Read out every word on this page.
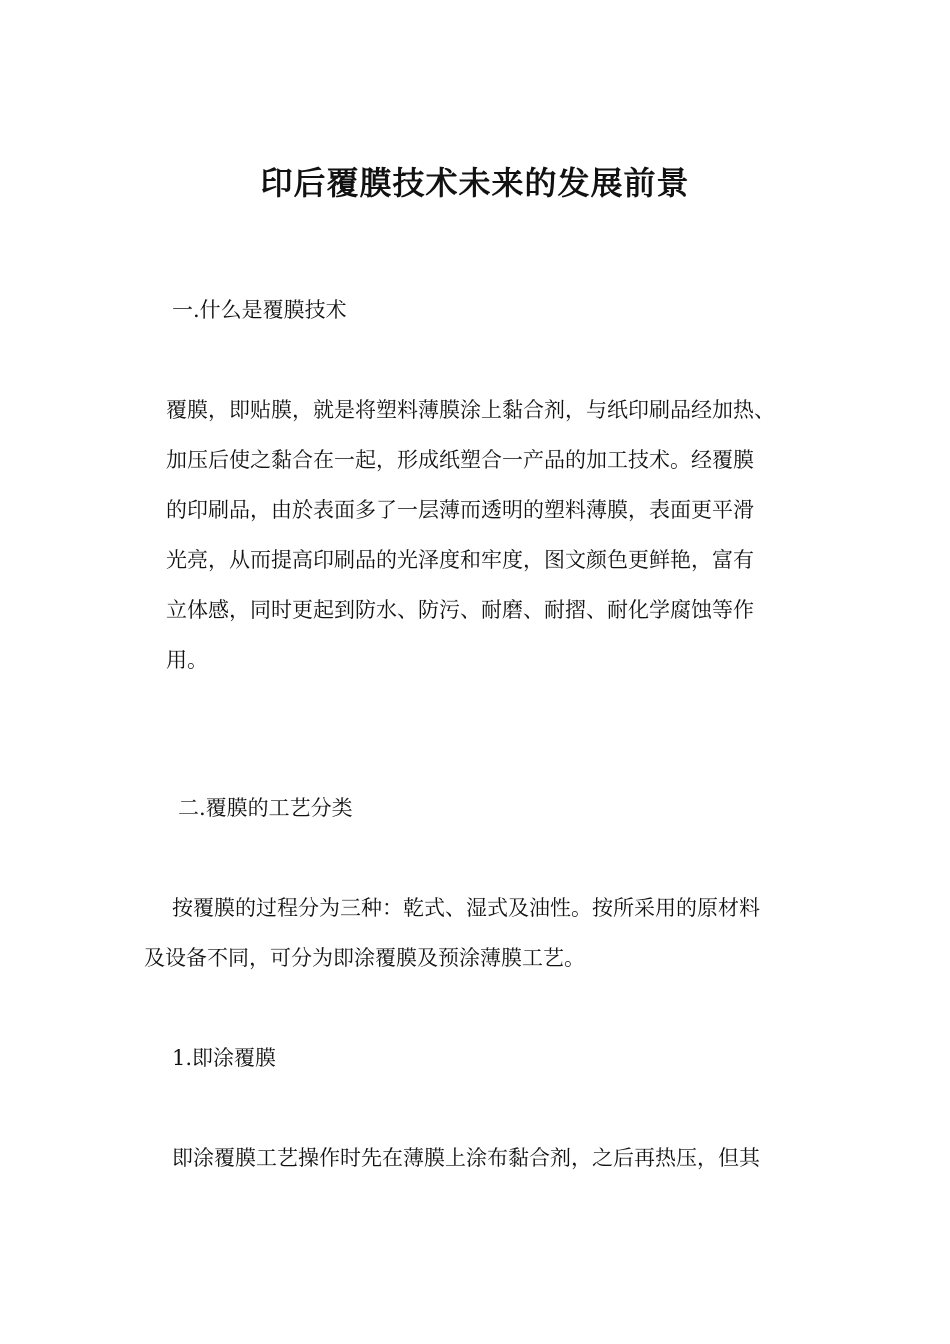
印后覆膜技术未来的发展前景
一.什么是覆膜技术
覆膜，即贴膜，就是将塑料薄膜涂上黏合剂，与纸印刷品经加热、
加压后使之黏合在一起，形成纸塑合一产品的加工技术。经覆膜
的印刷品，由於表面多了一层薄而透明的塑料薄膜，表面更平滑
光亮，从而提高印刷品的光泽度和牢度，图文颜色更鲜艳，富有
立体感，同时更起到防水、防污、耐磨、耐摺、耐化学腐蚀等作
用。
二.覆膜的工艺分类
按覆膜的过程分为三种：乾式、湿式及油性。按所采用的原材料
及设备不同，可分为即涂覆膜及预涂薄膜工艺。
1.即涂覆膜
即涂覆膜工艺操作时先在薄膜上涂布黏合剂，之后再热压，但其
